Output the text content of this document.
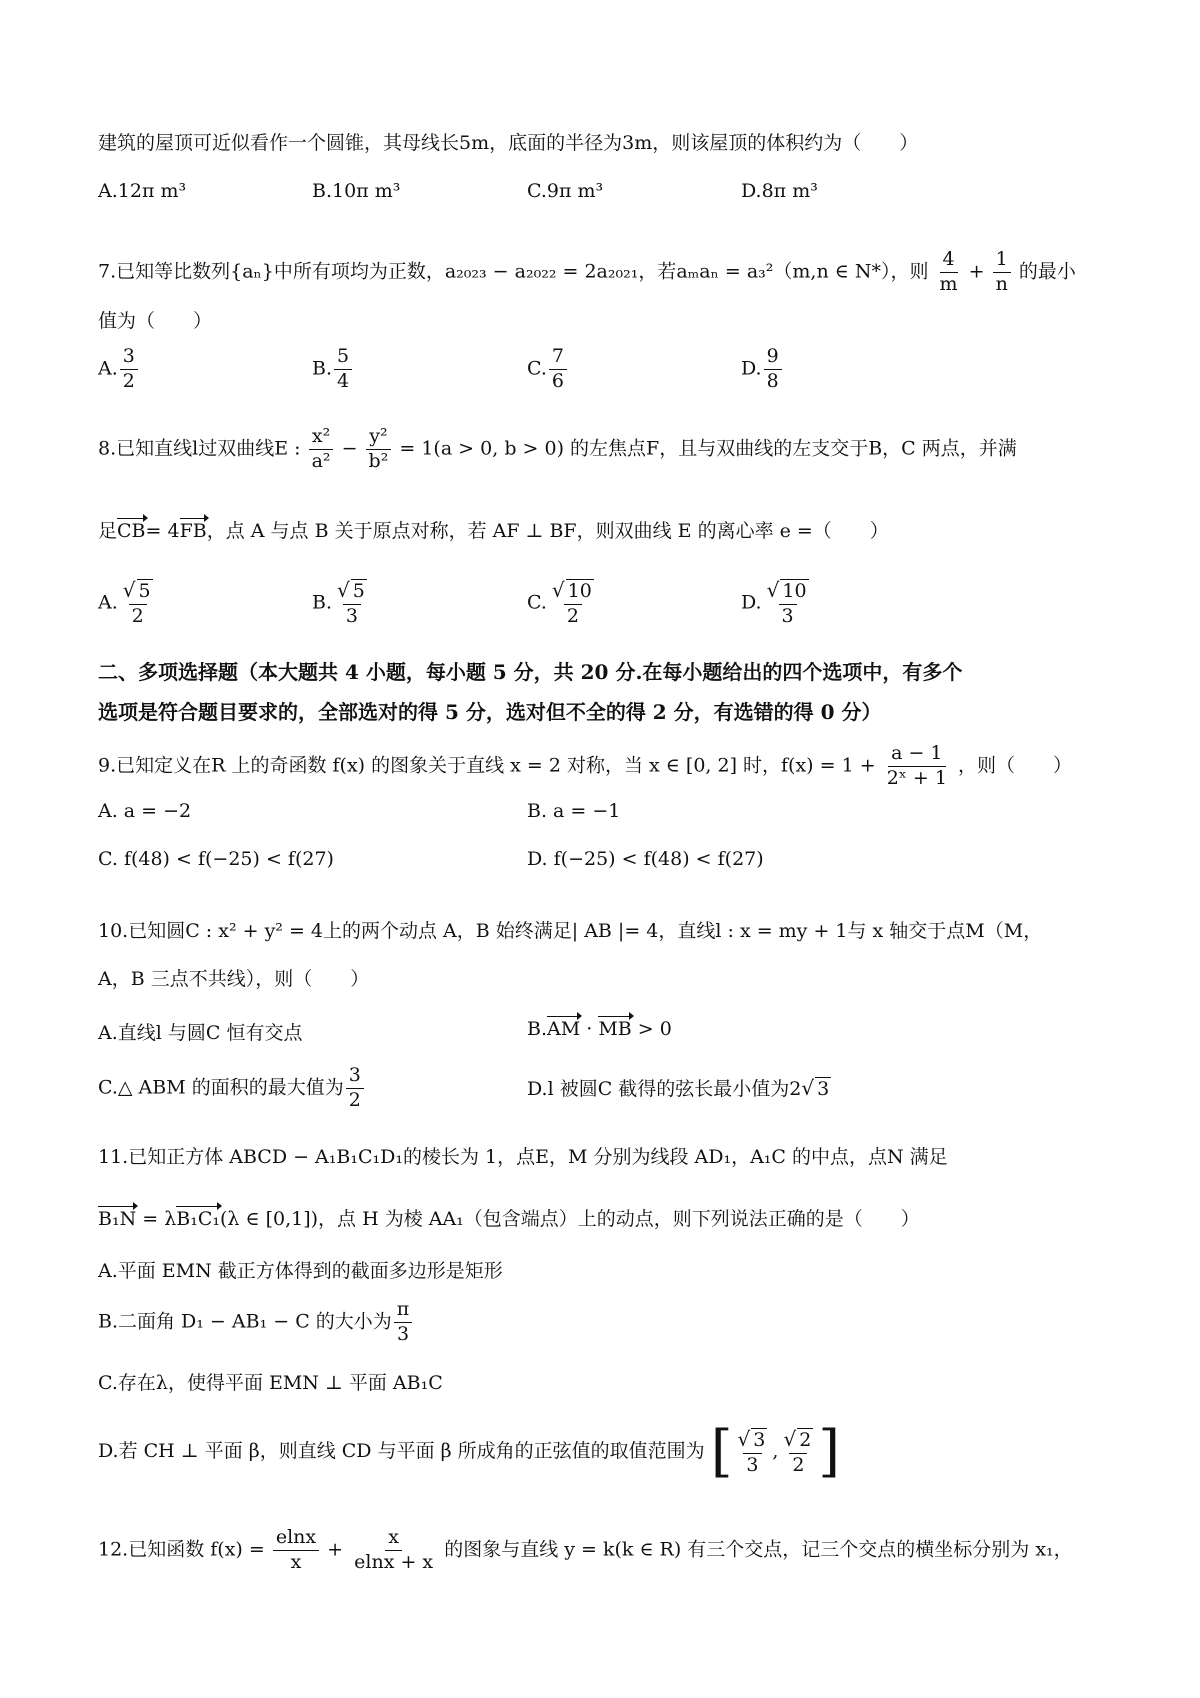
建筑的屋顶可近似看作一个圆锥，其母线长5m，底面的半径为3m，则该屋顶的体积约为（　　）
A.12π m³	B.10π m³	C.9π m³	D.8π m³
7.已知等比数列{aₙ}中所有项均为正数，a₂₀₂₃ − a₂₀₂₂ = 2a₂₀₂₁，若aₘaₙ = a₃²（m,n ∈ N*），则 $\frac{4}{m} + \frac{1}{n}$ 的最小
值为（　　）
A. $\frac{3}{2}$	B. $\frac{5}{4}$	C. $\frac{7}{6}$	D. $\frac{9}{8}$
8.已知直线l过双曲线E : $\frac{\text{x²}}{\text{a²}} - \frac{\text{y²}}{\text{b²}} = 1(a > 0$, b > 0) 的左焦点F，且与双曲线的左支交于B，C 两点，并满
足CB= 4FB，点 A 与点 B 关于原点对称，若 AF ⊥ BF，则双曲线 E 的离心率 e =（　　）
A. $\frac{√ 5}{2}$	B. $\frac{√ 5}{3}$	C. $\frac{√ 10}{2}$	D. $\frac{√ 10}{3}$
二、多项选择题（本大题共 4 小题，每小题 5 分，共 20 分.在每小题给出的四个选项中，有多个
选项是符合题目要求的，全部选对的得 5 分，选对但不全的得 2 分，有选错的得 0 分）
9.已知定义在R 上的奇函数 f(x) 的图象关于直线 x = 2 对称，当 x ∈ [0, 2] 时，$f(x) = 1 + \frac{a - 1}{\text{2ˣ + 1}}$ ，则（　　）
A. a = −2	B. a = −1
C. f(48) < f(−25) < f(27)	D. f(−25) < f(48) < f(27)
10.已知圆C : x² + y² = 4上的两个动点 A，B 始终满足| AB |= 4，直线l : x = my + 1与 x 轴交于点M（M，
A，B 三点不共线），则（　　）
A.直线l 与圆C 恒有交点	B.AM · MB > 0
C.△ ABM 的面积的最大值为 $\frac{3}{2}$	D.l 被圆C 截得的弦长最小值为2√ 3
11.已知正方体 ABCD − A₁B₁C₁D₁的棱长为 1，点E，M 分别为线段 AD₁，A₁C 的中点，点N 满足
B₁N = λB₁C₁(λ ∈ [0,1])，点 H 为棱 AA₁（包含端点）上的动点，则下列说法正确的是（　　）
A.平面 EMN 截正方体得到的截面多边形是矩形
B.二面角 D₁ − AB₁ − C 的大小为 $\frac{\pi}{3}$
C.存在λ，使得平面 EMN ⊥ 平面 AB₁C
D.若 CH ⊥ 平面 β，则直线 CD 与平面 β 所成角的正弦值的取值范围为 [ $\frac{√ 3}{3}$ , $\frac{√ 2}{2}$ ]
12.已知函数 $f(x) = \frac{elnx}{x} + \frac{x}{elnx + x}$ 的图象与直线 y = k(k ∈ R) 有三个交点，记三个交点的横坐标分别为 x₁，
